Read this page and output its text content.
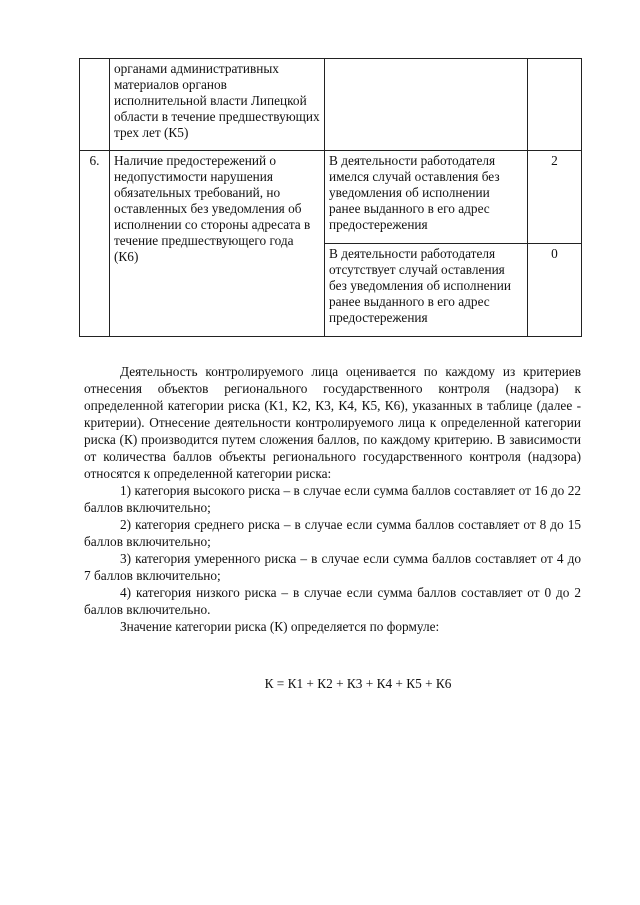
	органами административных материалов органов исполнительной власти Липецкой области в течение предшествующих трех лет (К5)		
6.	Наличие предостережений о недопустимости нарушения обязательных требований, но оставленных без уведомления об исполнении со стороны адресата в течение предшествующего года (К6)	В деятельности работодателя имелся случай оставления без уведомления об исполнении ранее выданного в его адрес предостережения	2
		В деятельности работодателя отсутствует случай оставления без уведомления об исполнении ранее выданного в его адрес предостережения	0

Деятельность контролируемого лица оценивается по каждому из критериев отнесения объектов регионального государственного контроля (надзора) к определенной категории риска (К1, К2, К3, К4, К5, К6), указанных в таблице (далее - критерии). Отнесение деятельности контролируемого лица к определенной категории риска (К) производится путем сложения баллов, по каждому критерию. В зависимости от количества баллов объекты регионального государственного контроля (надзора) относятся к определенной категории риска:

1) категория высокого риска – в случае если сумма баллов составляет от 16 до 22 баллов включительно;

2) категория среднего риска – в случае если сумма баллов составляет от 8 до 15 баллов включительно;

3) категория умеренного риска – в случае если сумма баллов составляет от 4 до 7 баллов включительно;

4) категория низкого риска – в случае если сумма баллов составляет от 0 до 2 баллов включительно.

Значение категории риска (К) определяется по формуле:

К = К1 + К2 + К3 + К4 + К5 + К6
